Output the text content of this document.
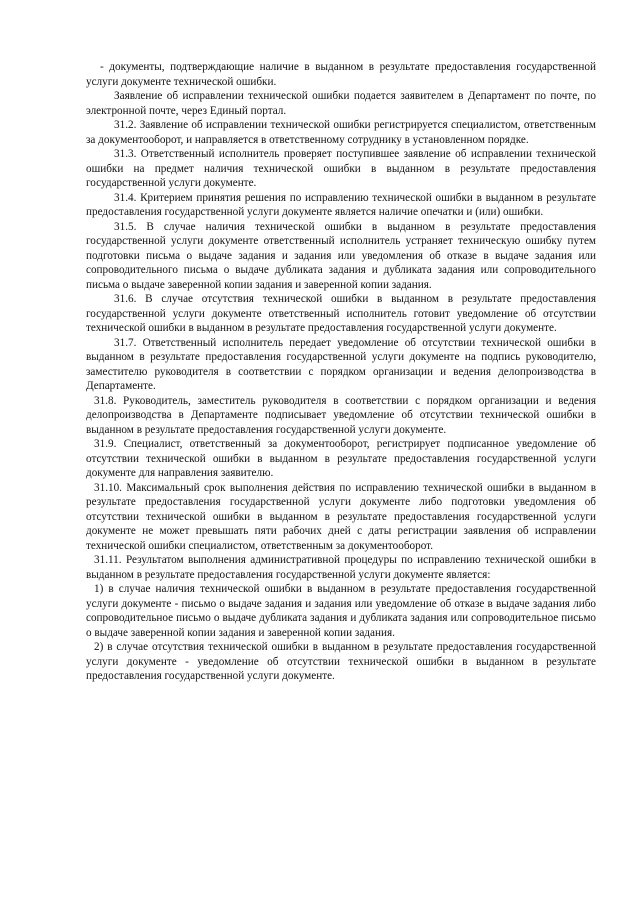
- документы, подтверждающие наличие в выданном в результате предоставления государственной услуги документе технической ошибки.

Заявление об исправлении технической ошибки подается заявителем в Департамент по почте, по электронной почте, через Единый портал.

31.2. Заявление об исправлении технической ошибки регистрируется специалистом, ответственным за документооборот, и направляется в ответственному сотруднику в установленном порядке.

31.3. Ответственный исполнитель проверяет поступившее заявление об исправлении технической ошибки на предмет наличия технической ошибки в выданном в результате предоставления государственной услуги документе.

31.4. Критерием принятия решения по исправлению технической ошибки в выданном в результате предоставления государственной услуги документе является наличие опечатки и (или) ошибки.

31.5. В случае наличия технической ошибки в выданном в результате предоставления государственной услуги документе ответственный исполнитель устраняет техническую ошибку путем подготовки письма о выдаче задания и задания или уведомления об отказе в выдаче задания или сопроводительного письма о выдаче дубликата задания и дубликата задания или сопроводительного письма о выдаче заверенной копии задания и заверенной копии задания.

31.6. В случае отсутствия технической ошибки в выданном в результате предоставления государственной услуги документе ответственный исполнитель готовит уведомление об отсутствии технической ошибки в выданном в результате предоставления государственной услуги документе.

31.7. Ответственный исполнитель передает уведомление об отсутствии технической ошибки в выданном в результате предоставления государственной услуги документе на подпись руководителю, заместителю руководителя в соответствии с порядком организации и ведения делопроизводства в Департаменте.

31.8. Руководитель, заместитель руководителя в соответствии с порядком организации и ведения делопроизводства в Департаменте подписывает уведомление об отсутствии технической ошибки в выданном в результате предоставления государственной услуги документе.

31.9. Специалист, ответственный за документооборот, регистрирует подписанное уведомление об отсутствии технической ошибки в выданном в результате предоставления государственной услуги документе для направления заявителю.

31.10. Максимальный срок выполнения действия по исправлению технической ошибки в выданном в результате предоставления государственной услуги документе либо подготовки уведомления об отсутствии технической ошибки в выданном в результате предоставления государственной услуги документе не может превышать пяти рабочих дней с даты регистрации заявления об исправлении технической ошибки специалистом, ответственным за документооборот.

31.11. Результатом выполнения административной процедуры по исправлению технической ошибки в выданном в результате предоставления государственной услуги документе является:

1) в случае наличия технической ошибки в выданном в результате предоставления государственной услуги документе - письмо о выдаче задания и задания или уведомление об отказе в выдаче задания либо сопроводительное письмо о выдаче дубликата задания и дубликата задания или сопроводительное письмо о выдаче заверенной копии задания и заверенной копии задания.

2) в случае отсутствия технической ошибки в выданном в результате предоставления государственной услуги документе - уведомление об отсутствии технической ошибки в выданном в результате предоставления государственной услуги документе.
